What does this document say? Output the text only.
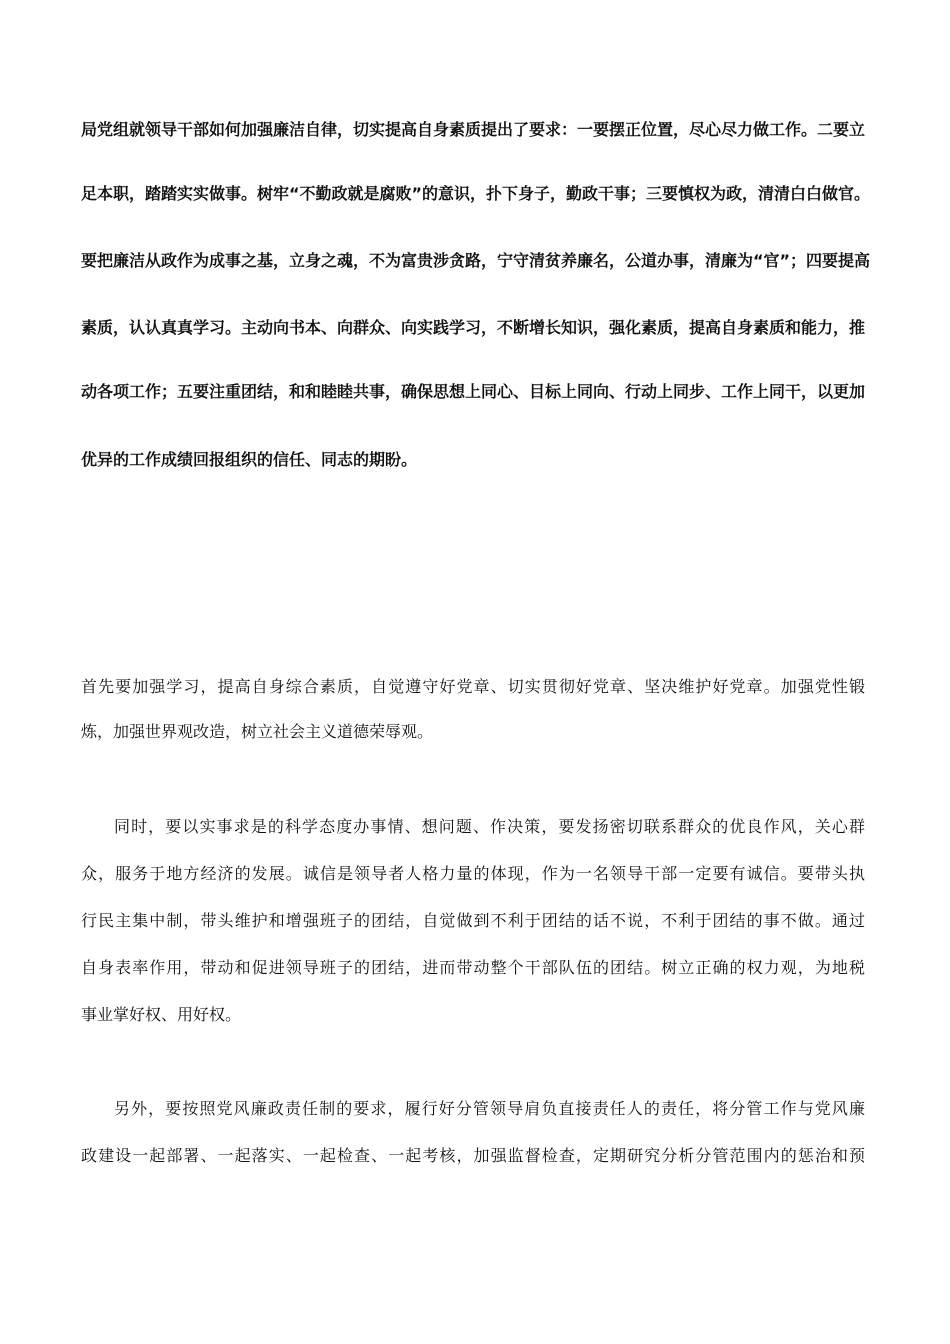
局党组就领导干部如何加强廉洁自律，切实提高自身素质提出了要求：一要摆正位置，尽心尽力做工作。二要立

足本职，踏踏实实做事。树牢“不勤政就是腐败”的意识，扑下身子，勤政干事；三要慎权为政，清清白白做官。

要把廉洁从政作为成事之基，立身之魂，不为富贵涉贪路，宁守清贫养廉名，公道办事，清廉为“官”；四要提高

素质，认认真真学习。主动向书本、向群众、向实践学习，不断增长知识，强化素质，提高自身素质和能力，推

动各项工作；五要注重团结，和和睦睦共事，确保思想上同心、目标上同向、行动上同步、工作上同干，以更加

优异的工作成绩回报组织的信任、同志的期盼。

首先要加强学习，提高自身综合素质，自觉遵守好党章、切实贯彻好党章、坚决维护好党章。加强党性锻
炼，加强世界观改造，树立社会主义道德荣辱观。
同时，要以实事求是的科学态度办事情、想问题、作决策，要发扬密切联系群众的优良作风，关心群
众，服务于地方经济的发展。诚信是领导者人格力量的体现，作为一名领导干部一定要有诚信。要带头执
行民主集中制，带头维护和增强班子的团结，自觉做到不利于团结的话不说，不利于团结的事不做。通过
自身表率作用，带动和促进领导班子的团结，进而带动整个干部队伍的团结。树立正确的权力观，为地税
事业掌好权、用好权。
另外，要按照党风廉政责任制的要求，履行好分管领导肩负直接责任人的责任，将分管工作与党风廉
政建设一起部署、一起落实、一起检查、一起考核，加强监督检查，定期研究分析分管范围内的惩治和预
